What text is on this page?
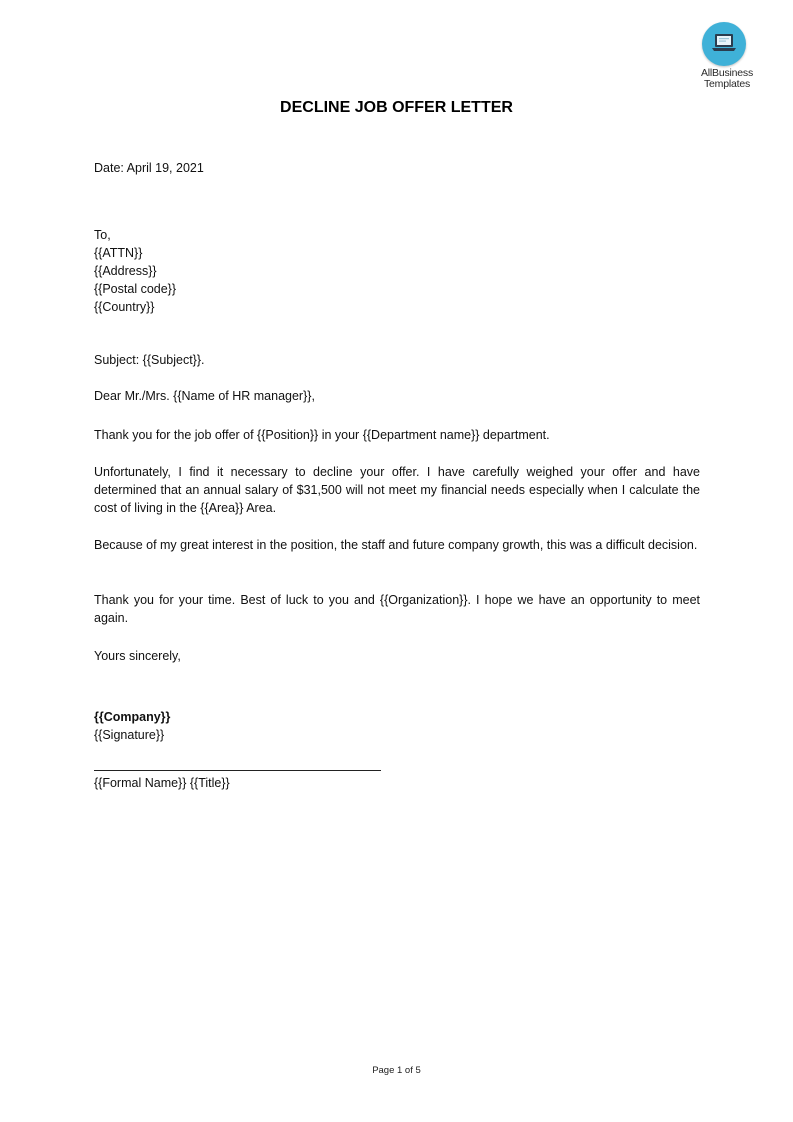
AllBusiness
Templates
DECLINE JOB OFFER LETTER
Date: April 19, 2021
To,
{{ATTN}}
{{Address}}
{{Postal code}}
{{Country}}
Subject: {{Subject}}.
Dear Mr./Mrs. {{Name of HR manager}},
Thank you for the job offer of {{Position}} in your {{Department name}} department.
Unfortunately, I find it necessary to decline your offer. I have carefully weighed your offer and have determined that an annual salary of $31,500 will not meet my financial needs especially when I calculate the cost of living in the {{Area}} Area.
Because of my great interest in the position, the staff and future company growth, this was a difficult decision.
Thank you for your time. Best of luck to you and {{Organization}}. I hope we have an opportunity to meet again.
Yours sincerely,
{{Company}}
{{Signature}}
{{Formal Name}} {{Title}}
Page 1 of 5
